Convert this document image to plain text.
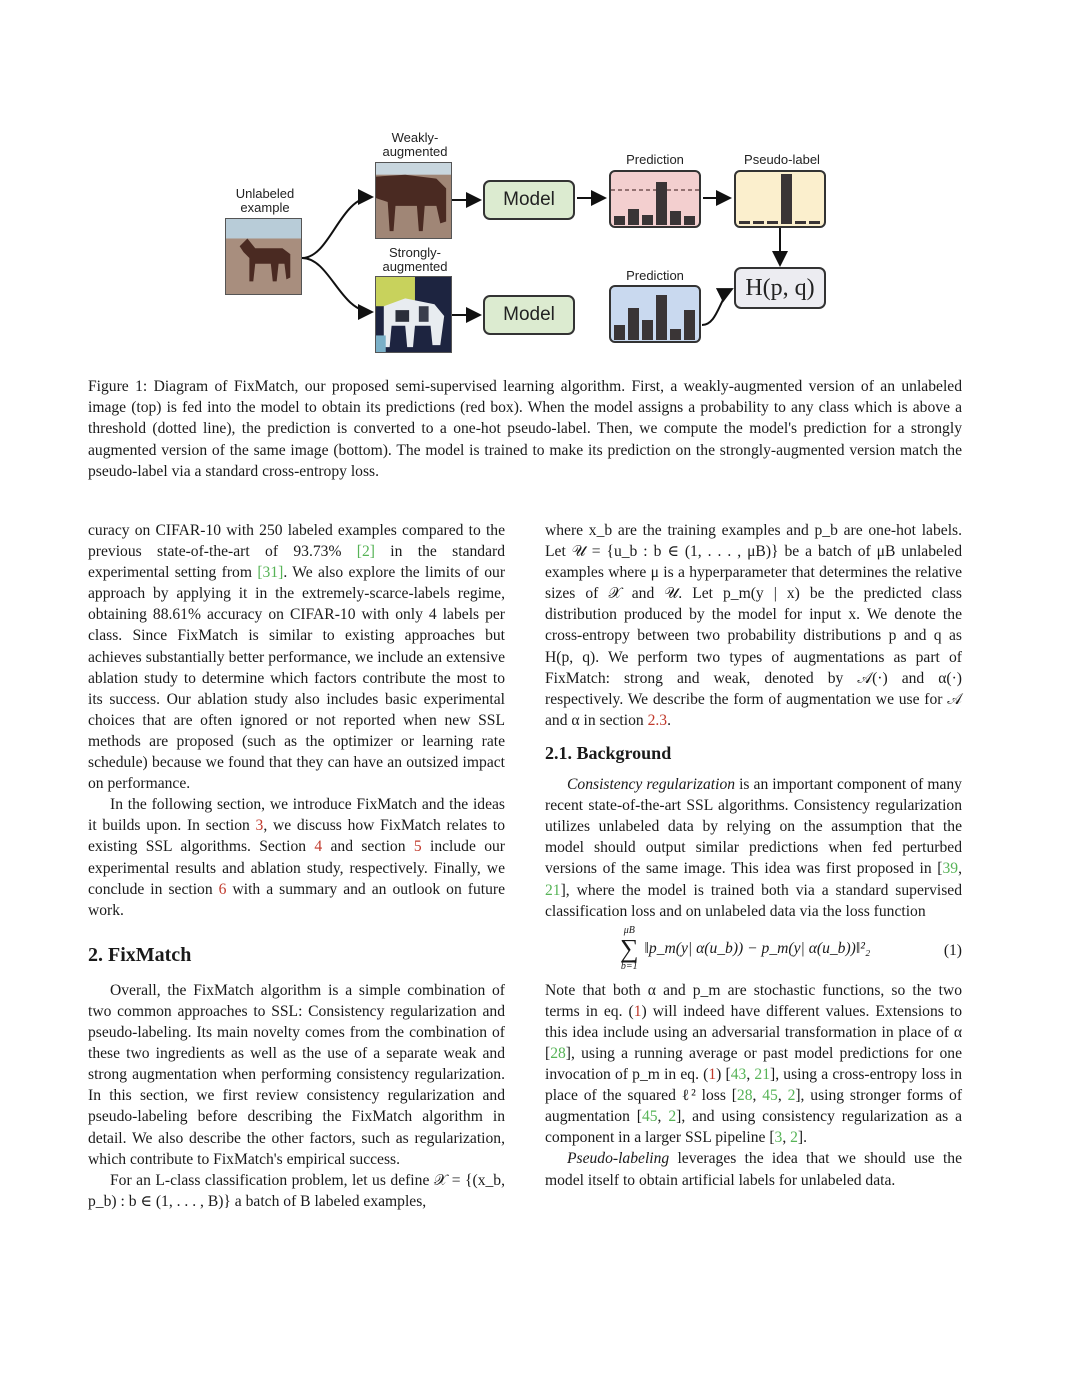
Unlabeled example
Weakly-augmented
Strongly-augmented
Model
Model
Prediction	Pseudo-label
Prediction	H(p, q)
Figure 1: Diagram of FixMatch, our proposed semi-supervised learning algorithm. First, a weakly-augmented version of an unlabeled image (top) is fed into the model to obtain its predictions (red box). When the model assigns a probability to any class which is above a threshold (dotted line), the prediction is converted to a one-hot pseudo-label. Then, we compute the model's prediction for a strongly augmented version of the same image (bottom). The model is trained to make its prediction on the strongly-augmented version match the pseudo-label via a standard cross-entropy loss.

curacy on CIFAR-10 with 250 labeled examples compared to the previous state-of-the-art of 93.73% [2] in the standard experimental setting from [31]. We also explore the limits of our approach by applying it in the extremely-scarce-labels regime, obtaining 88.61% accuracy on CIFAR-10 with only 4 labels per class. Since FixMatch is similar to existing approaches but achieves substantially better performance, we include an extensive ablation study to determine which factors contribute the most to its success. Our ablation study also includes basic experimental choices that are often ignored or not reported when new SSL methods are proposed (such as the optimizer or learning rate schedule) because we found that they can have an outsized impact on performance.

In the following section, we introduce FixMatch and the ideas it builds upon. In section 3, we discuss how FixMatch relates to existing SSL algorithms. Section 4 and section 5 include our experimental results and ablation study, respectively. Finally, we conclude in section 6 with a summary and an outlook on future work.

2. FixMatch

Overall, the FixMatch algorithm is a simple combination of two common approaches to SSL: Consistency regularization and pseudo-labeling. Its main novelty comes from the combination of these two ingredients as well as the use of a separate weak and strong augmentation when performing consistency regularization. In this section, we first review consistency regularization and pseudo-labeling before describing the FixMatch algorithm in detail. We also describe the other factors, such as regularization, which contribute to FixMatch's empirical success.

For an L-class classification problem, let us define 𝒳 = {(x_b, p_b) : b ∈ (1, . . . , B)} a batch of B labeled examples,

where x_b are the training examples and p_b are one-hot labels. Let 𝒰 = {u_b : b ∈ (1, . . . , μB)} be a batch of μB unlabeled examples where μ is a hyperparameter that determines the relative sizes of 𝒳 and 𝒰. Let p_m(y | x) be the predicted class distribution produced by the model for input x. We denote the cross-entropy between two probability distributions p and q as H(p, q). We perform two types of augmentations as part of FixMatch: strong and weak, denoted by 𝒜(·) and α(·) respectively. We describe the form of augmentation we use for 𝒜 and α in section 2.3.

2.1. Background

Consistency regularization is an important component of many recent state-of-the-art SSL algorithms. Consistency regularization utilizes unlabeled data by relying on the assumption that the model should output similar predictions when fed perturbed versions of the same image. This idea was first proposed in [39, 21], where the model is trained both via a standard supervised classification loss and on unlabeled data via the loss function

μB
∑
b=1
‖p_m(y| α(u_b)) − p_m(y| α(u_b))‖²₂	(1)

Note that both α and p_m are stochastic functions, so the two terms in eq. (1) will indeed have different values. Extensions to this idea include using an adversarial transformation in place of α [28], using a running average or past model predictions for one invocation of p_m in eq. (1) [43, 21], using a cross-entropy loss in place of the squared ℓ² loss [28, 45, 2], using stronger forms of augmentation [45, 2], and using consistency regularization as a component in a larger SSL pipeline [3, 2].

Pseudo-labeling leverages the idea that we should use the model itself to obtain artificial labels for unlabeled data.
